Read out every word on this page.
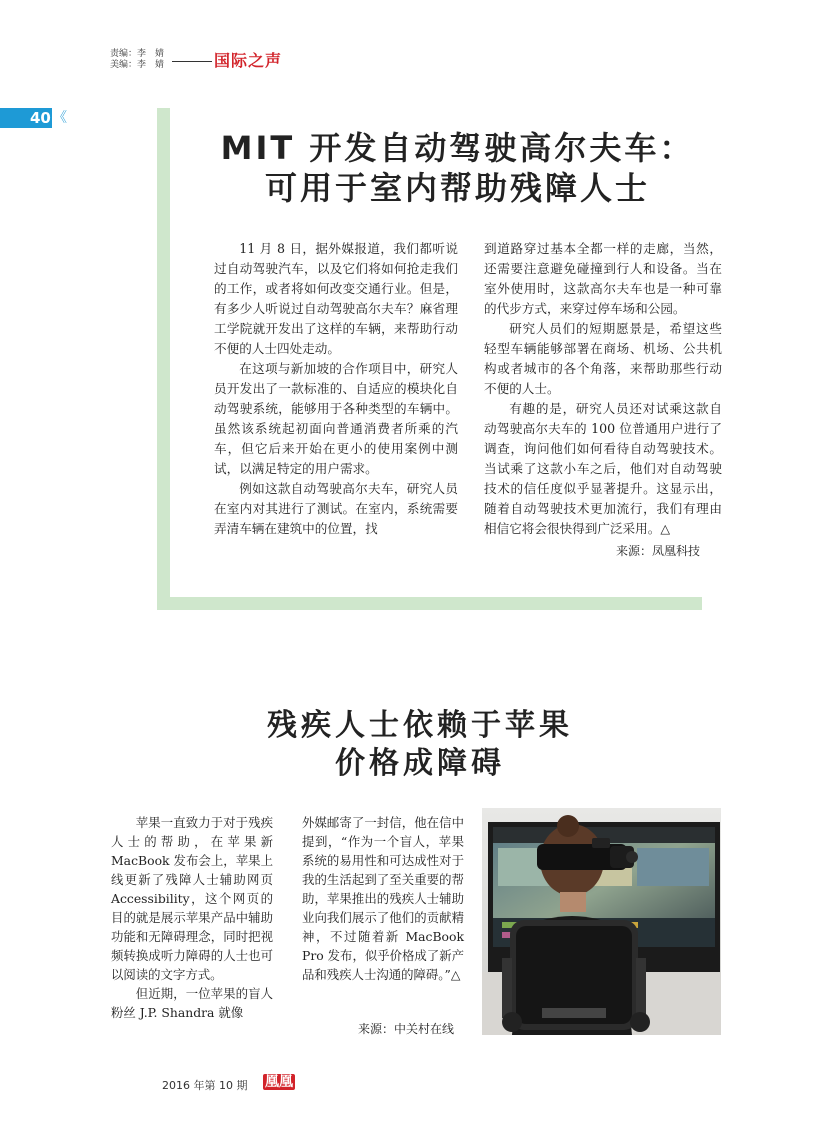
责编：李　婧
美编：李　婧	国际之声
40 《
MIT 开发自动驾驶高尔夫车：
可用于室内帮助残障人士

11 月 8 日，据外媒报道，我们都听说过自动驾驶汽车，以及它们将如何抢走我们的工作，或者将如何改变交通行业。但是，有多少人听说过自动驾驶高尔夫车？麻省理工学院就开发出了这样的车辆，来帮助行动不便的人士四处走动。

在这项与新加坡的合作项目中，研究人员开发出了一款标准的、自适应的模块化自动驾驶系统，能够用于各种类型的车辆中。虽然该系统起初面向普通消费者所乘的汽车，但它后来开始在更小的使用案例中测试，以满足特定的用户需求。

例如这款自动驾驶高尔夫车，研究人员在室内对其进行了测试。在室内，系统需要弄清车辆在建筑中的位置，找

到道路穿过基本全都一样的走廊，当然，还需要注意避免碰撞到行人和设备。当在室外使用时，这款高尔夫车也是一种可靠的代步方式，来穿过停车场和公园。

研究人员们的短期愿景是，希望这些轻型车辆能够部署在商场、机场、公共机构或者城市的各个角落，来帮助那些行动不便的人士。

有趣的是，研究人员还对试乘这款自动驾驶高尔夫车的 100 位普通用户进行了调查，询问他们如何看待自动驾驶技术。当试乘了这款小车之后，他们对自动驾驶技术的信任度似乎显著提升。这显示出，随着自动驾驶技术更加流行，我们有理由相信它将会很快得到广泛采用。△

来源：凤凰科技
残疾人士依赖于苹果
价格成障碍

苹果一直致力于对于残疾人士的帮助，在苹果新 MacBook 发布会上，苹果上线更新了残障人士辅助网页 Accessibility，这个网页的目的就是展示苹果产品中辅助功能和无障碍理念，同时把视频转换成听力障碍的人士也可以阅读的文字方式。

但近期，一位苹果的盲人粉丝 J.P. Shandra 就像

外媒邮寄了一封信，他在信中提到，“作为一个盲人，苹果系统的易用性和可达成性对于我的生活起到了至关重要的帮助，苹果推出的残疾人士辅助业向我们展示了他们的贡献精神，不过随着新 MacBook Pro 发布，似乎价格成了新产品和残疾人士沟通的障碍。”△

来源：中关村在线
2016 年第 10 期 凰凰
